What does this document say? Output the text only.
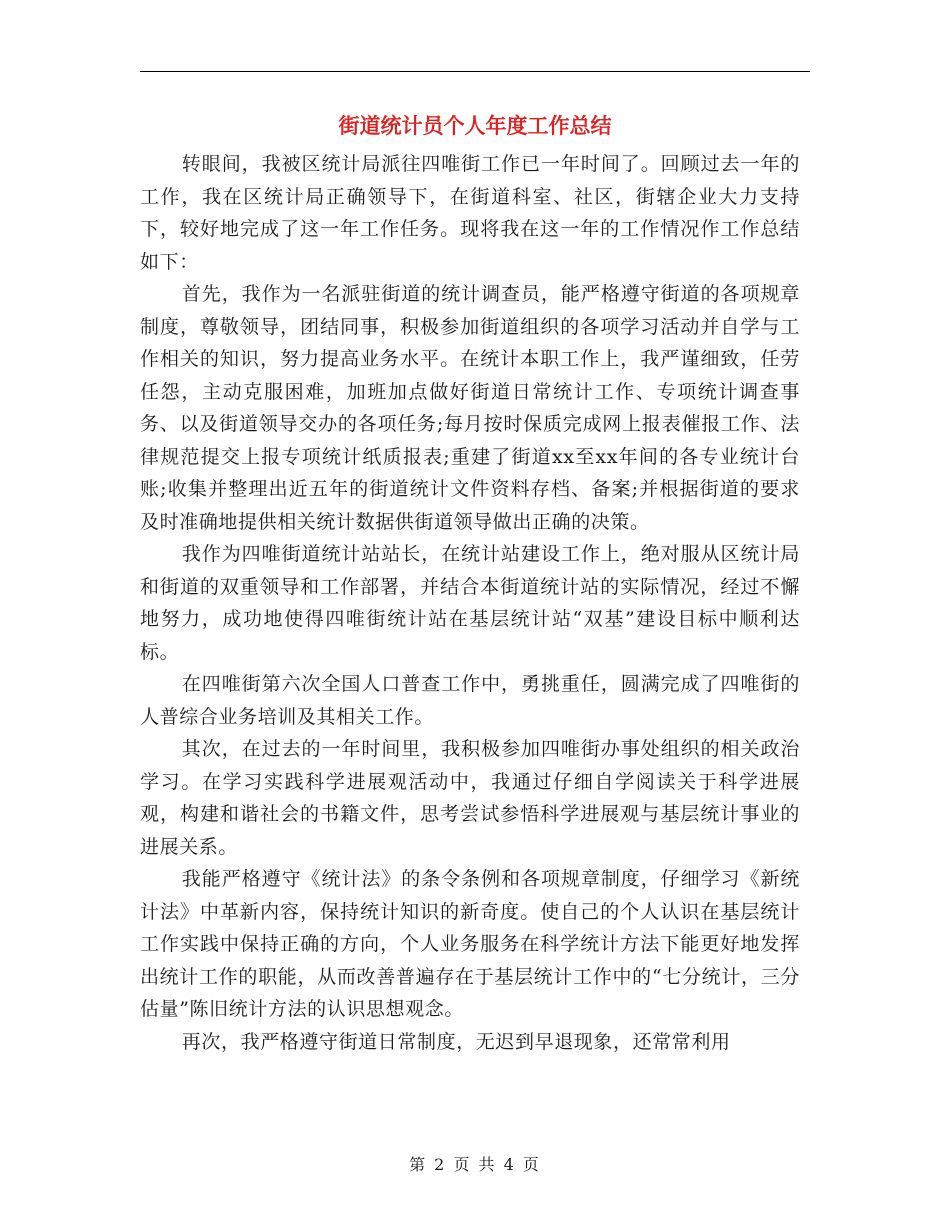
街道统计员个人年度工作总结

转眼间，我被区统计局派往四唯街工作已一年时间了。回顾过去一年的工作，我在区统计局正确领导下，在街道科室、社区，街辖企业大力支持下，较好地完成了这一年工作任务。现将我在这一年的工作情况作工作总结如下：

首先，我作为一名派驻街道的统计调查员，能严格遵守街道的各项规章制度，尊敬领导，团结同事，积极参加街道组织的各项学习活动并自学与工作相关的知识，努力提高业务水平。在统计本职工作上，我严谨细致，任劳任怨，主动克服困难，加班加点做好街道日常统计工作、专项统计调查事务、以及街道领导交办的各项任务;每月按时保质完成网上报表催报工作、法律规范提交上报专项统计纸质报表;重建了街道xx至xx年间的各专业统计台账;收集并整理出近五年的街道统计文件资料存档、备案;并根据街道的要求及时准确地提供相关统计数据供街道领导做出正确的决策。

我作为四唯街道统计站站长，在统计站建设工作上，绝对服从区统计局和街道的双重领导和工作部署，并结合本街道统计站的实际情况，经过不懈地努力，成功地使得四唯街统计站在基层统计站“双基”建设目标中顺利达标。

在四唯街第六次全国人口普查工作中，勇挑重任，圆满完成了四唯街的人普综合业务培训及其相关工作。

其次，在过去的一年时间里，我积极参加四唯街办事处组织的相关政治学习。在学习实践科学进展观活动中，我通过仔细自学阅读关于科学进展观，构建和谐社会的书籍文件，思考尝试参悟科学进展观与基层统计事业的进展关系。

我能严格遵守《统计法》的条令条例和各项规章制度，仔细学习《新统计法》中革新内容，保持统计知识的新奇度。使自己的个人认识在基层统计工作实践中保持正确的方向，个人业务服务在科学统计方法下能更好地发挥出统计工作的职能，从而改善普遍存在于基层统计工作中的“七分统计，三分估量”陈旧统计方法的认识思想观念。

再次，我严格遵守街道日常制度，无迟到早退现象，还常常利用

第 2 页 共 4 页
